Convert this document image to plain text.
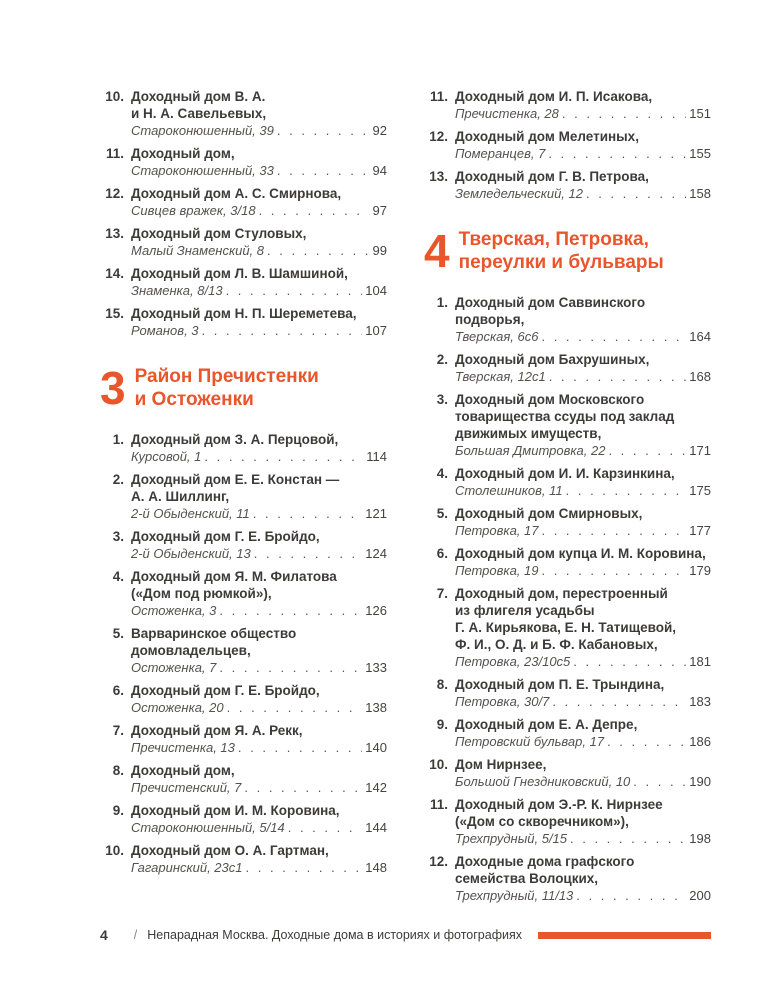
10. Доходный дом В. А.
и Н. А. Савельевых,
Староконюшенный, 39 . . .	92
11. Доходный дом,
Староконюшенный, 33 . . .	94
12. Доходный дом А. С. Смирнова,
Сивцев вражек, 3/18 . . .	97
13. Доходный дом Стуловых,
Малый Знаменский, 8 . . .	99
14. Доходный дом Л. В. Шамшиной,
Знаменка, 8/13 . . .	104
15. Доходный дом Н. П. Шереметева,
Романов, 3 . . .	107
3 Район Пречистенки
и Остоженки
1. Доходный дом З. А. Перцовой,
Курсовой, 1 . . .	114
2. Доходный дом Е. Е. Констан —
А. А. Шиллинг,
2-й Обыденский, 11 . . .	121
3. Доходный дом Г. Е. Бройдо,
2-й Обыденский, 13 . . .	124
4. Доходный дом Я. М. Филатова
(«Дом под рюмкой»),
Остоженка, 3 . . .	126
5. Варваринское общество
домовладельцев,
Остоженка, 7 . . .	133
6. Доходный дом Г. Е. Бройдо,
Остоженка, 20 . . .	138
7. Доходный дом Я. А. Рекк,
Пречистенка, 13 . . .	140
8. Доходный дом,
Пречистенский, 7 . . .	142
9. Доходный дом И. М. Коровина,
Староконюшенный, 5/14 . . .	144
10. Доходный дом О. А. Гартман,
Гагаринский, 23с1 . . .	148
11. Доходный дом И. П. Исакова,
Пречистенка, 28 . . .	151
12. Доходный дом Мелетиных,
Померанцев, 7 . . .	155
13. Доходный дом Г. В. Петрова,
Земледельческий, 12 . . .	158
4 Тверская, Петровка,
переулки и бульвары
1. Доходный дом Саввинского подворья,
Тверская, 6с6 . . .	164
2. Доходный дом Бахрушиных,
Тверская, 12с1 . . .	168
3. Доходный дом Московского
товарищества ссуды под заклад
движимых имуществ,
Большая Дмитровка, 22 . . .	171
4. Доходный дом И. И. Карзинкина,
Столешников, 11 . . .	175
5. Доходный дом Смирновых,
Петровка, 17 . . .	177
6. Доходный дом купца И. М. Коровина,
Петровка, 19 . . .	179
7. Доходный дом, перестроенный
из флигеля усадьбы
Г. А. Кирьякова, Е. Н. Татищевой,
Ф. И., О. Д. и Б. Ф. Кабановых,
Петровка, 23/10с5 . . .	181
8. Доходный дом П. Е. Трындина,
Петровка, 30/7 . . .	183
9. Доходный дом Е. А. Депре,
Петровский бульвар, 17 . . .	186
10. Дом Нирнзее,
Большой Гнездниковский, 10 . . .	190
11. Доходный дом Э.-Р. К. Нирнзее
(«Дом со скворечником»),
Трехпрудный, 5/15 . . .	198
12. Доходные дома графского
семейства Волоцких,
Трехпрудный, 11/13 . . .	200
4 / Непарадная Москва. Доходные дома в историях и фотографиях
